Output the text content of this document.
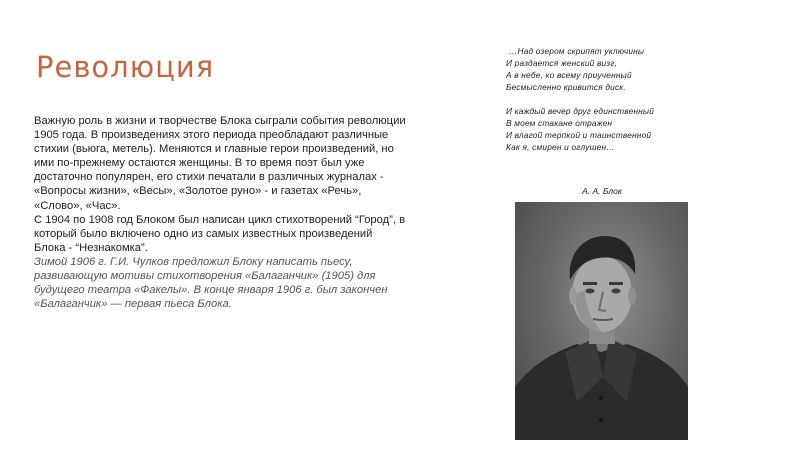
Революция

Важную роль в жизни и творчестве Блока сыграли события революции 1905 года. В произведениях этого периода преобладают различные стихии (вьюга, метель). Меняются и главные герои произведений, но ими по-прежнему остаются женщины. В то время поэт был уже достаточно популярен, его стихи печатали в различных журналах - «Вопросы жизни», «Весы», «Золотое руно» - и газетах «Речь», «Слово», «Час».

С 1904 по 1908 год Блоком был написан цикл стихотворений “Город”, в который было включено одно из самых известных произведений Блока - “Незнакомка”.

Зимой 1906 г. Г.И. Чулков предложил Блоку написать пьесу, развивающую мотивы стихотворения «Балаганчик» (1905) для будущего театра «Факелы». В конце января 1906 г. был закончен «Балаганчик» — первая пьеса Блока.

…Над озером скрипят уключины
И раздается женский визг,
А в небе, ко всему приученный
Бесмысленно кривится диск.
И каждый вечер друг единственный
В моем стакане отражен
И влагой терпкой и таинственной
Как я, смирен и оглушен…
А. А. Блок
